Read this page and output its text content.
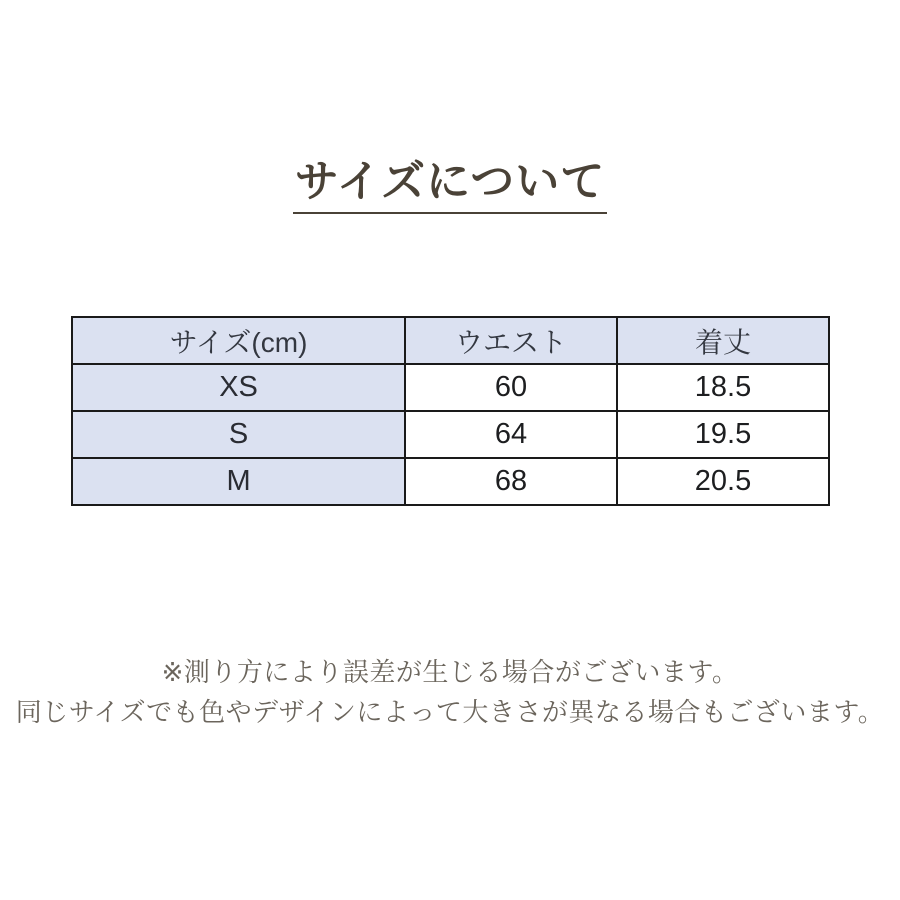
サイズについて
サイズ(cm)	ウエスト	着丈
XS	60	18.5
S	64	19.5
M	68	20.5

※測り方により誤差が生じる場合がございます。

同じサイズでも色やデザインによって大きさが異なる場合もございます。
